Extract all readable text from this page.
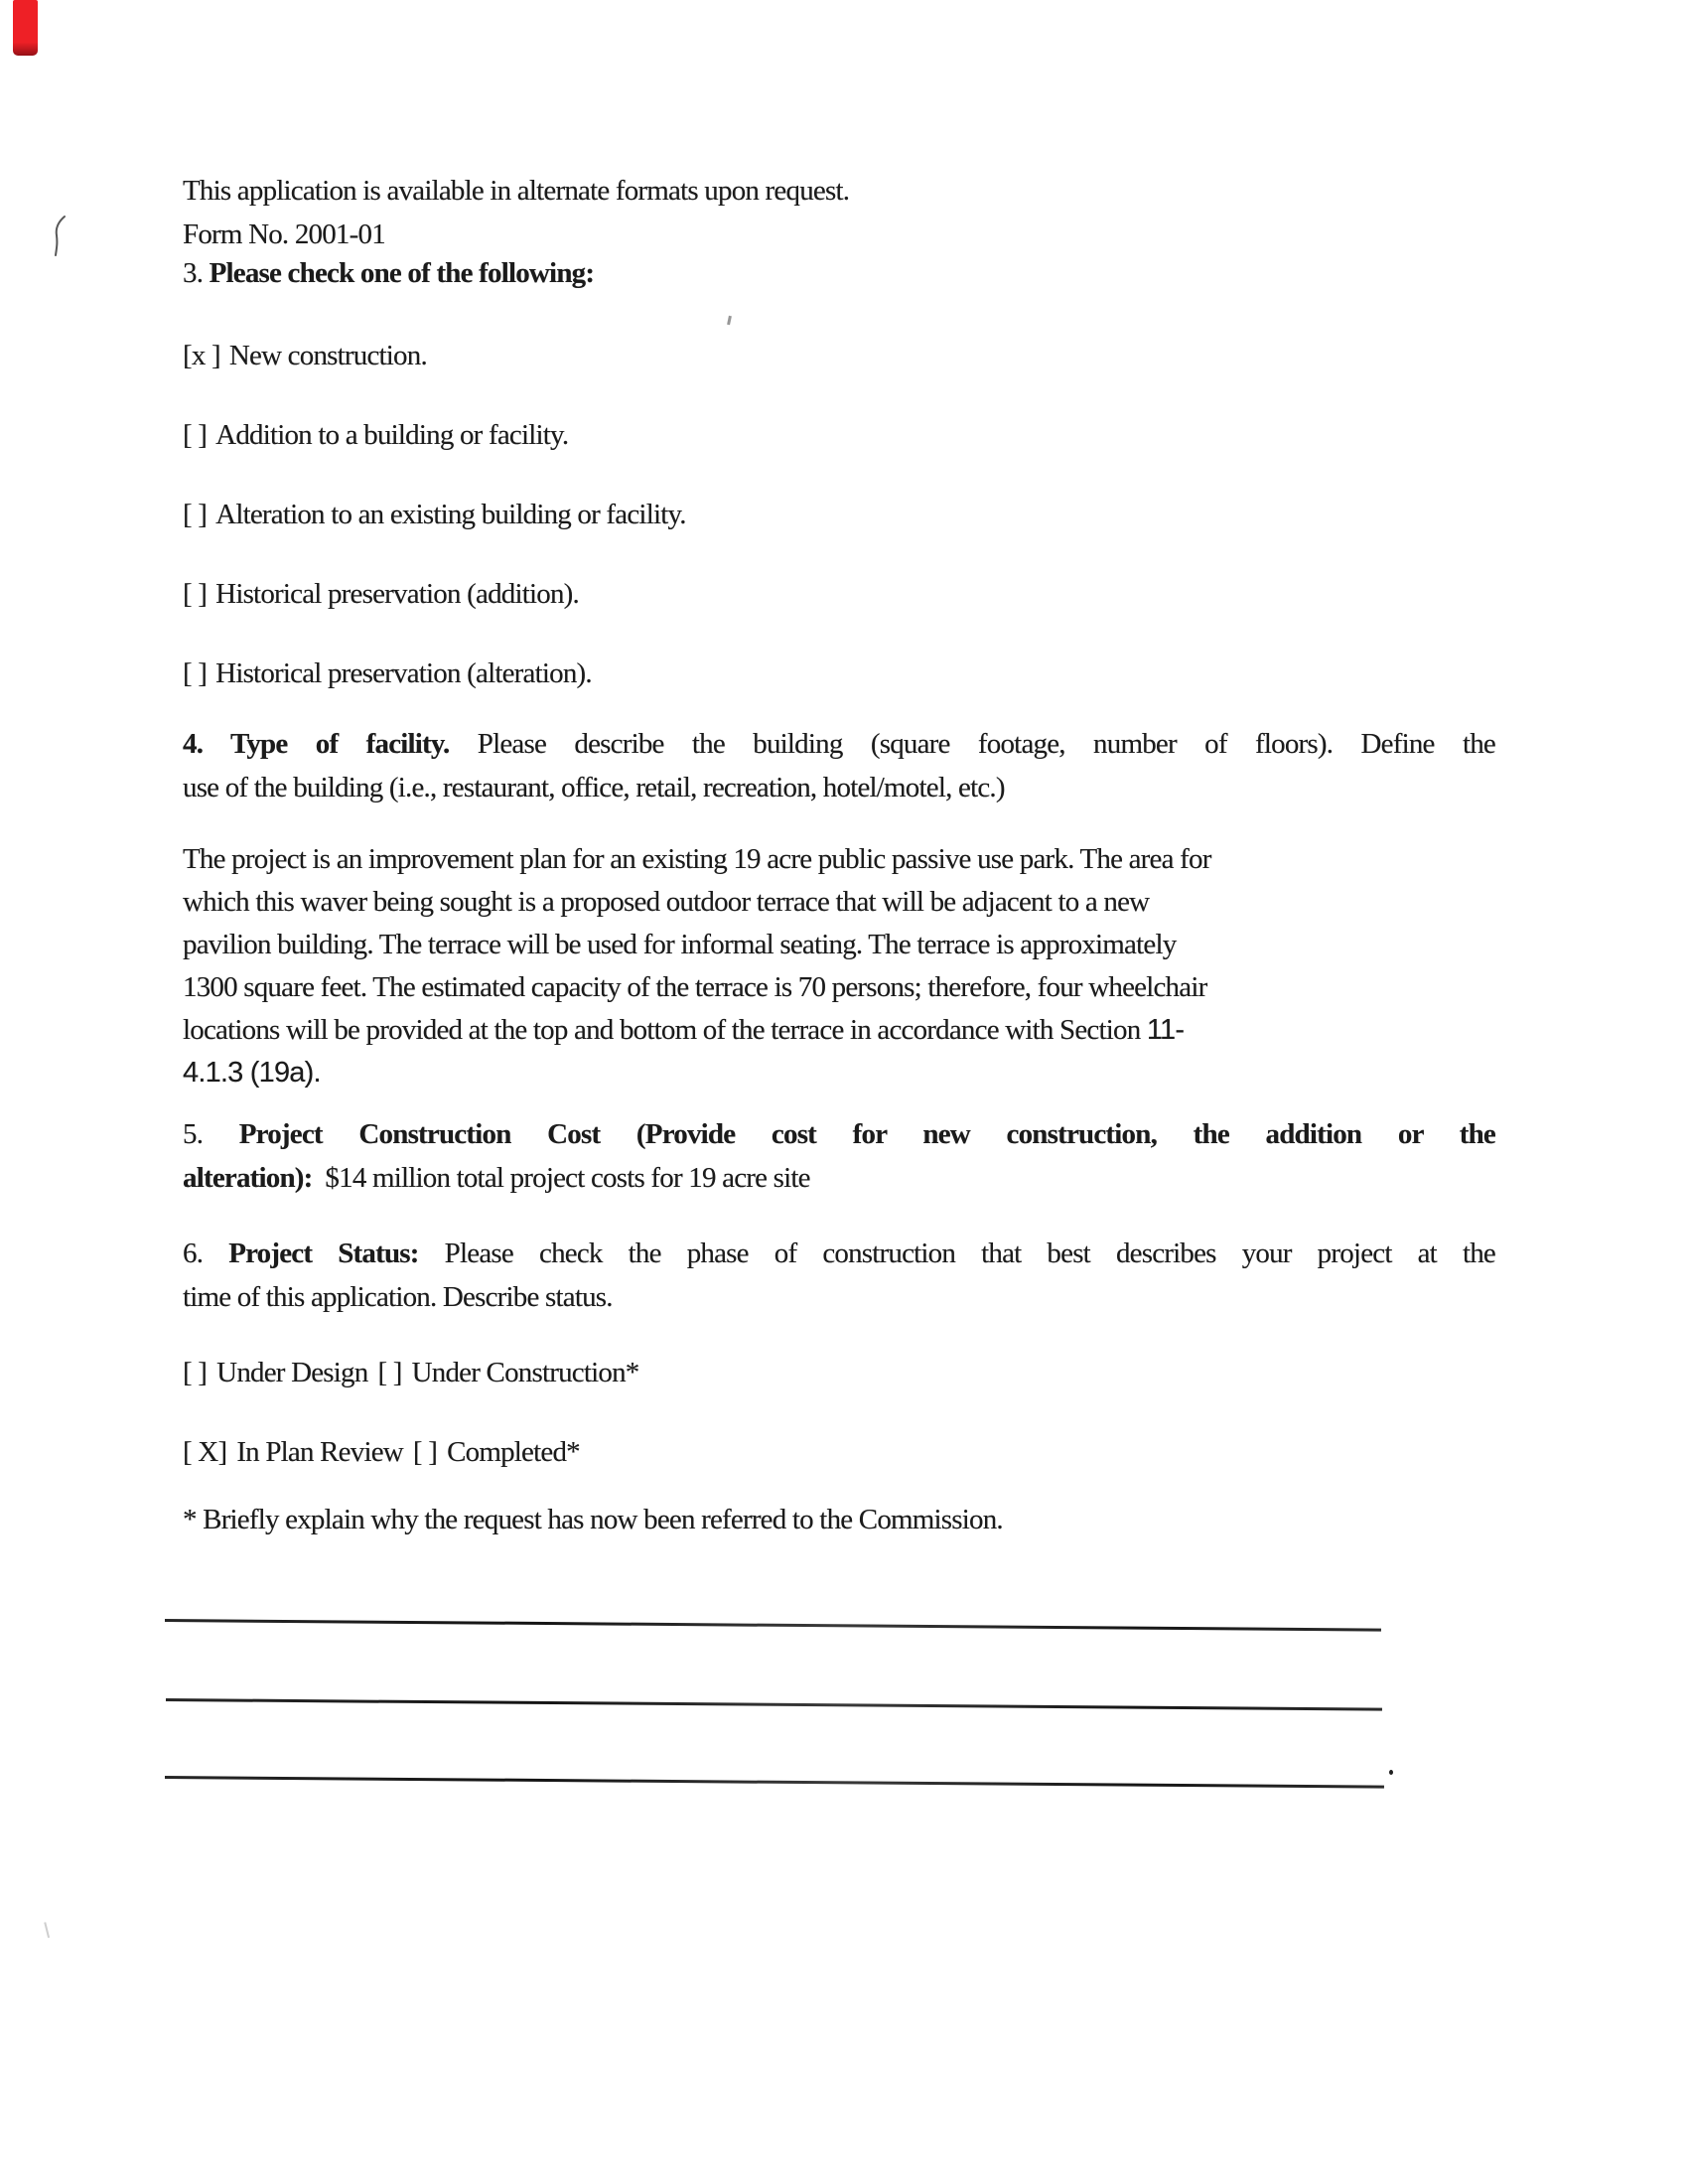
This application is available in alternate formats upon request.
Form No. 2001-01
3. Please check one of the following:
[x ] New construction.
[ ] Addition to a building or facility.
[ ] Alteration to an existing building or facility.
[ ] Historical preservation (addition).
[ ] Historical preservation (alteration).
4. Type of facility. Please describe the building (square footage, number of floors). Define the
use of the building (i.e., restaurant, office, retail, recreation, hotel/motel, etc.)
The project is an improvement plan for an existing 19 acre public passive use park. The area for
which this waver being sought is a proposed outdoor terrace that will be adjacent to a new
pavilion building. The terrace will be used for informal seating. The terrace is approximately
1300 square feet. The estimated capacity of the terrace is 70 persons; therefore, four wheelchair
locations will be provided at the top and bottom of the terrace in accordance with Section 11-
4.1.3 (19a).
5. Project Construction Cost (Provide cost for new construction, the addition or the
alteration):  $14 million total project costs for 19 acre site
6. Project Status: Please check the phase of construction that best describes your project at the
time of this application. Describe status.
[ ] Under Design [ ] Under Construction*
[ X] In Plan Review [ ] Completed*
* Briefly explain why the request has now been referred to the Commission.
